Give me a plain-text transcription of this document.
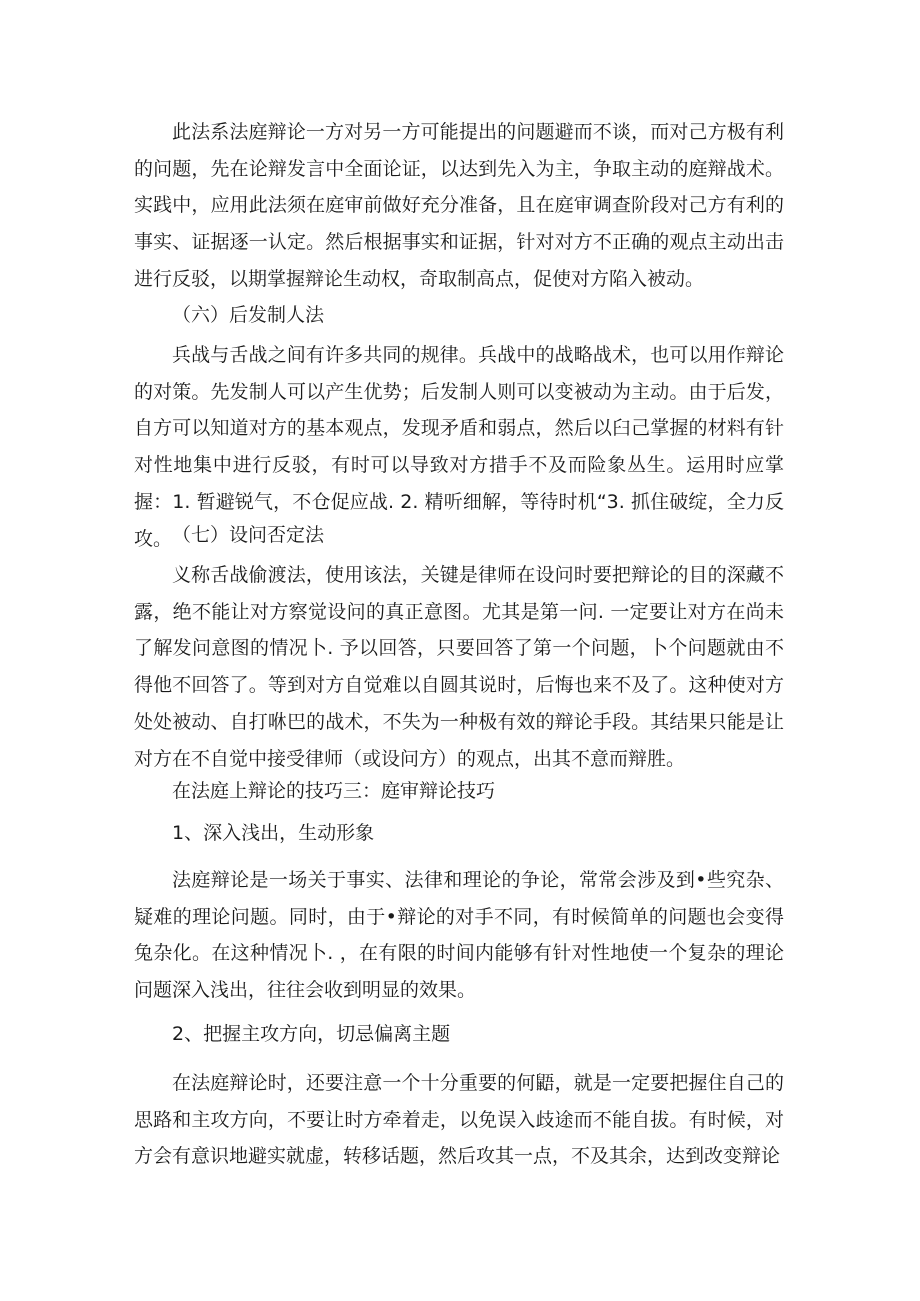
此法系法庭辩论一方对另一方可能提出的问题避而不谈，而对己方极有利的问题，先在论辩发言中全面论证，以达到先入为主，争取主动的庭辩战术。实践中，应用此法须在庭审前做好充分准备，且在庭审调查阶段对己方有利的事实、证据逐一认定。然后根据事实和证据，针对对方不正确的观点主动出击进行反驳，以期掌握辩论生动权，奇取制高点，促使对方陷入被动。

（六）后发制人法

兵战与舌战之间有许多共同的规律。兵战中的战略战术，也可以用作辩论的对策。先发制人可以产生优势；后发制人则可以变被动为主动。由于后发，自方可以知道对方的基本观点，发现矛盾和弱点，然后以臼己掌握的材料有针对性地集中进行反驳，有时可以导致对方措手不及而险象丛生。运用时应掌握：1. 暂避锐气，不仓促应战. 2. 精听细解，等待时机“3. 抓住破绽，全力反攻。 （七）设问否定法

义称舌战偷渡法，使用该法，关键是律师在设问时要把辩论的目的深藏不露，绝不能让对方察觉设问的真正意图。尤其是第一问. 一定要让对方在尚未了解发问意图的情况卜. 予以回答，只要回答了第一个问题，卜个问题就由不得他不回答了。等到对方自觉难以自圆其说时，后悔也来不及了。这种使对方处处被动、自打咻巴的战术，不失为一种极有效的辩论手段。其结果只能是让对方在不自觉中接受律师（或设问方）的观点，出其不意而辩胜。

在法庭上辩论的技巧三：庭审辩论技巧

1、深入浅出，生动形象

法庭辩论是一场关于事实、法律和理论的争论，常常会涉及到•些究杂、疑难的理论问题。同时，由于•辩论的对手不同，有时候简单的问题也会变得兔杂化。在这种情况卜. ，在有限的时间内能够有针对性地使一个复杂的理论问题深入浅出，往往会收到明显的效果。

2、把握主攻方向，切忌偏离主题

在法庭辩论时，还要注意一个十分重要的何鼯，就是一定要把握住自己的思路和主攻方向，不要让时方牵着走，以免误入歧途而不能自拔。有时候，对方会有意识地避实就虚，转移话题，然后攻其一点，不及其余，达到改变辩论
